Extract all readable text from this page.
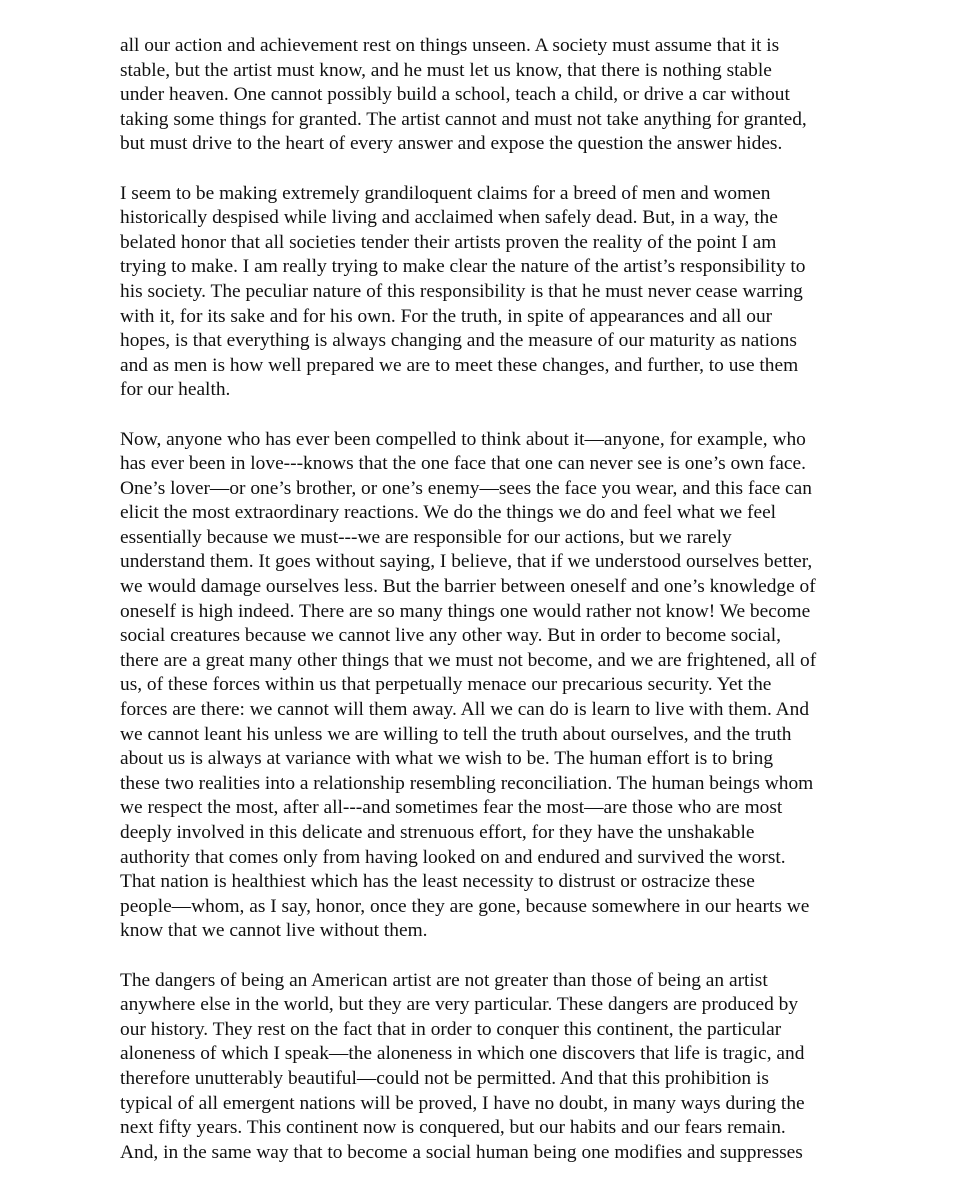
all our action and achievement rest on things unseen. A society must assume that it is
stable, but the artist must know, and he must let us know, that there is nothing stable
under heaven. One cannot possibly build a school, teach a child, or drive a car without
taking some things for granted. The artist cannot and must not take anything for granted,
but must drive to the heart of every answer and expose the question the answer hides.

I seem to be making extremely grandiloquent claims for a breed of men and women
historically despised while living and acclaimed when safely dead. But, in a way, the
belated honor that all societies tender their artists proven the reality of the point I am
trying to make. I am really trying to make clear the nature of the artist’s responsibility to
his society. The peculiar nature of this responsibility is that he must never cease warring
with it, for its sake and for his own. For the truth, in spite of appearances and all our
hopes, is that everything is always changing and the measure of our maturity as nations
and as men is how well prepared we are to meet these changes, and further, to use them
for our health.

Now, anyone who has ever been compelled to think about it—anyone, for example, who
has ever been in love---knows that the one face that one can never see is one’s own face.
One’s lover—or one’s brother, or one’s enemy—sees the face you wear, and this face can
elicit the most extraordinary reactions. We do the things we do and feel what we feel
essentially because we must---we are responsible for our actions, but we rarely
understand them. It goes without saying, I believe, that if we understood ourselves better,
we would damage ourselves less. But the barrier between oneself and one’s knowledge of
oneself is high indeed. There are so many things one would rather not know! We become
social creatures because we cannot live any other way. But in order to become social,
there are a great many other things that we must not become, and we are frightened, all of
us, of these forces within us that perpetually menace our precarious security. Yet the
forces are there: we cannot will them away. All we can do is learn to live with them. And
we cannot leant his unless we are willing to tell the truth about ourselves, and the truth
about us is always at variance with what we wish to be. The human effort is to bring
these two realities into a relationship resembling reconciliation. The human beings whom
we respect the most, after all---and sometimes fear the most—are those who are most
deeply involved in this delicate and strenuous effort, for they have the unshakable
authority that comes only from having looked on and endured and survived the worst.
That nation is healthiest which has the least necessity to distrust or ostracize these
people—whom, as I say, honor, once they are gone, because somewhere in our hearts we
know that we cannot live without them.

The dangers of being an American artist are not greater than those of being an artist
anywhere else in the world, but they are very particular. These dangers are produced by
our history. They rest on the fact that in order to conquer this continent, the particular
aloneness of which I speak—the aloneness in which one discovers that life is tragic, and
therefore unutterably beautiful—could not be permitted. And that this prohibition is
typical of all emergent nations will be proved, I have no doubt, in many ways during the
next fifty years. This continent now is conquered, but our habits and our fears remain.
And, in the same way that to become a social human being one modifies and suppresses
